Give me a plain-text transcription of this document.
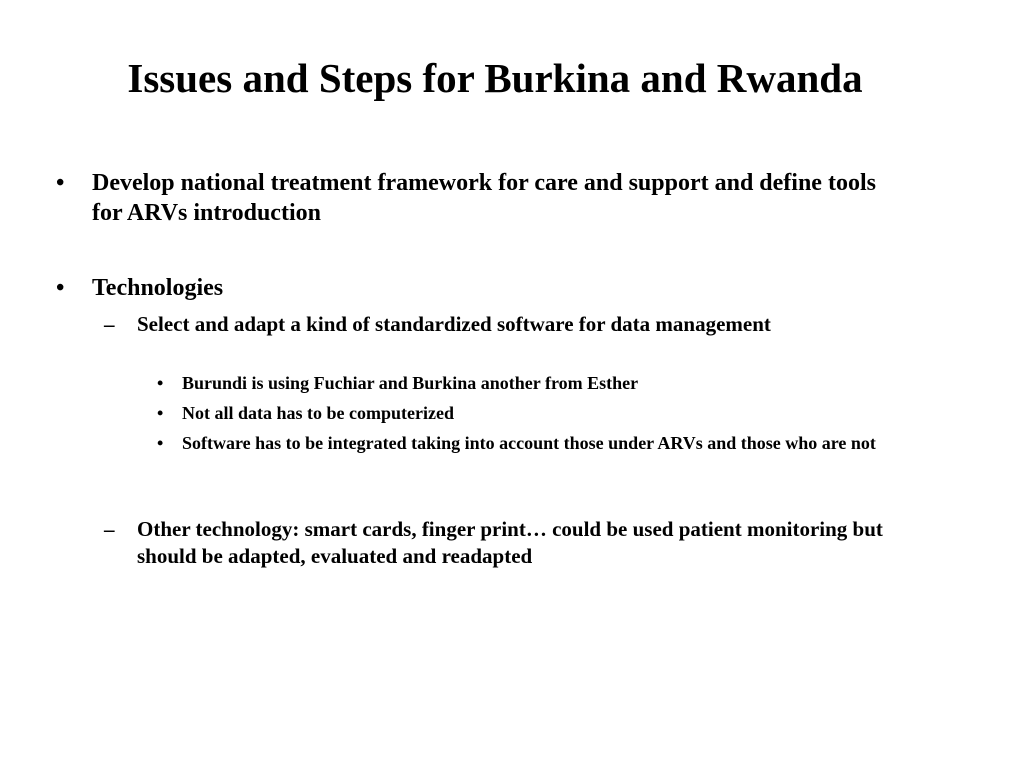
Issues and Steps for Burkina and Rwanda
• Develop national treatment framework for care and support and define tools for ARVs introduction
• Technologies
– Select and adapt a kind of standardized software for data management
• Burundi is using Fuchiar and Burkina another from Esther
• Not all data has to be computerized
• Software has to be integrated taking into account those under ARVs and those who are not
– Other technology: smart cards, finger print… could be used patient monitoring but should be adapted, evaluated and readapted
